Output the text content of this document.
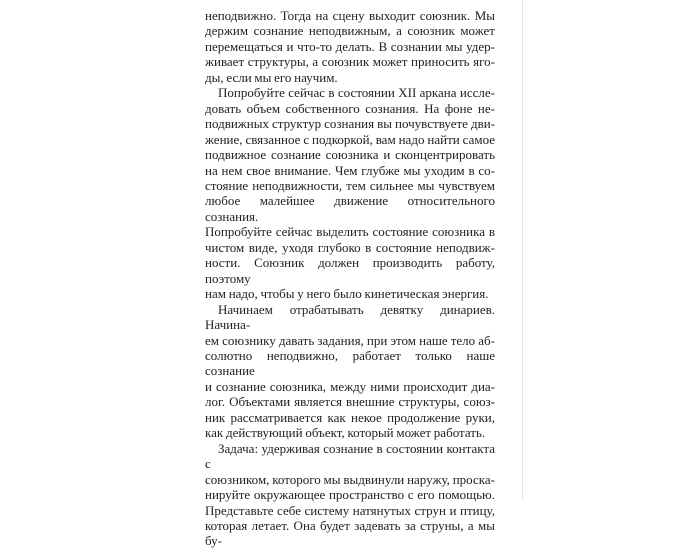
неподвижно. Тогда на сцену выходит союзник. Мы
держим сознание неподвижным, а союзник может
перемещаться и что-то делать. В сознании мы удер-
живает структуры, а союзник может приносить яго-
ды, если мы его научим.
Попробуйте сейчас в состоянии XII аркана иссле-
довать объем собственного сознания. На фоне не-
подвижных структур сознания вы почувствуете дви-
жение, связанное с подкоркой, вам надо найти самое
подвижное сознание союзника и сконцентрировать
на нем свое внимание. Чем глубже мы уходим в со-
стояние неподвижности, тем сильнее мы чувствуем
любое малейшее движение относительного сознания.
Попробуйте сейчас выделить состояние союзника в
чистом виде, уходя глубоко в состояние неподвиж-
ности. Союзник должен производить работу, поэтому
нам надо, чтобы у него было кинетическая энергия.
Начинаем отрабатывать девятку динариев. Начина-
ем союзнику давать задания, при этом наше тело аб-
солютно неподвижно, работает только наше сознание
и сознание союзника, между ними происходит диа-
лог. Объектами является внешние структуры, союз-
ник рассматривается как некое продолжение руки,
как действующий объект, который может работать.
Задача: удерживая сознание в состоянии контакта с
союзником, которого мы выдвинули наружу, проска-
нируйте окружающее пространство с его помощью.
Представьте себе систему натянутых струн и птицу,
которая летает. Она будет задевать за струны, а мы бу-
